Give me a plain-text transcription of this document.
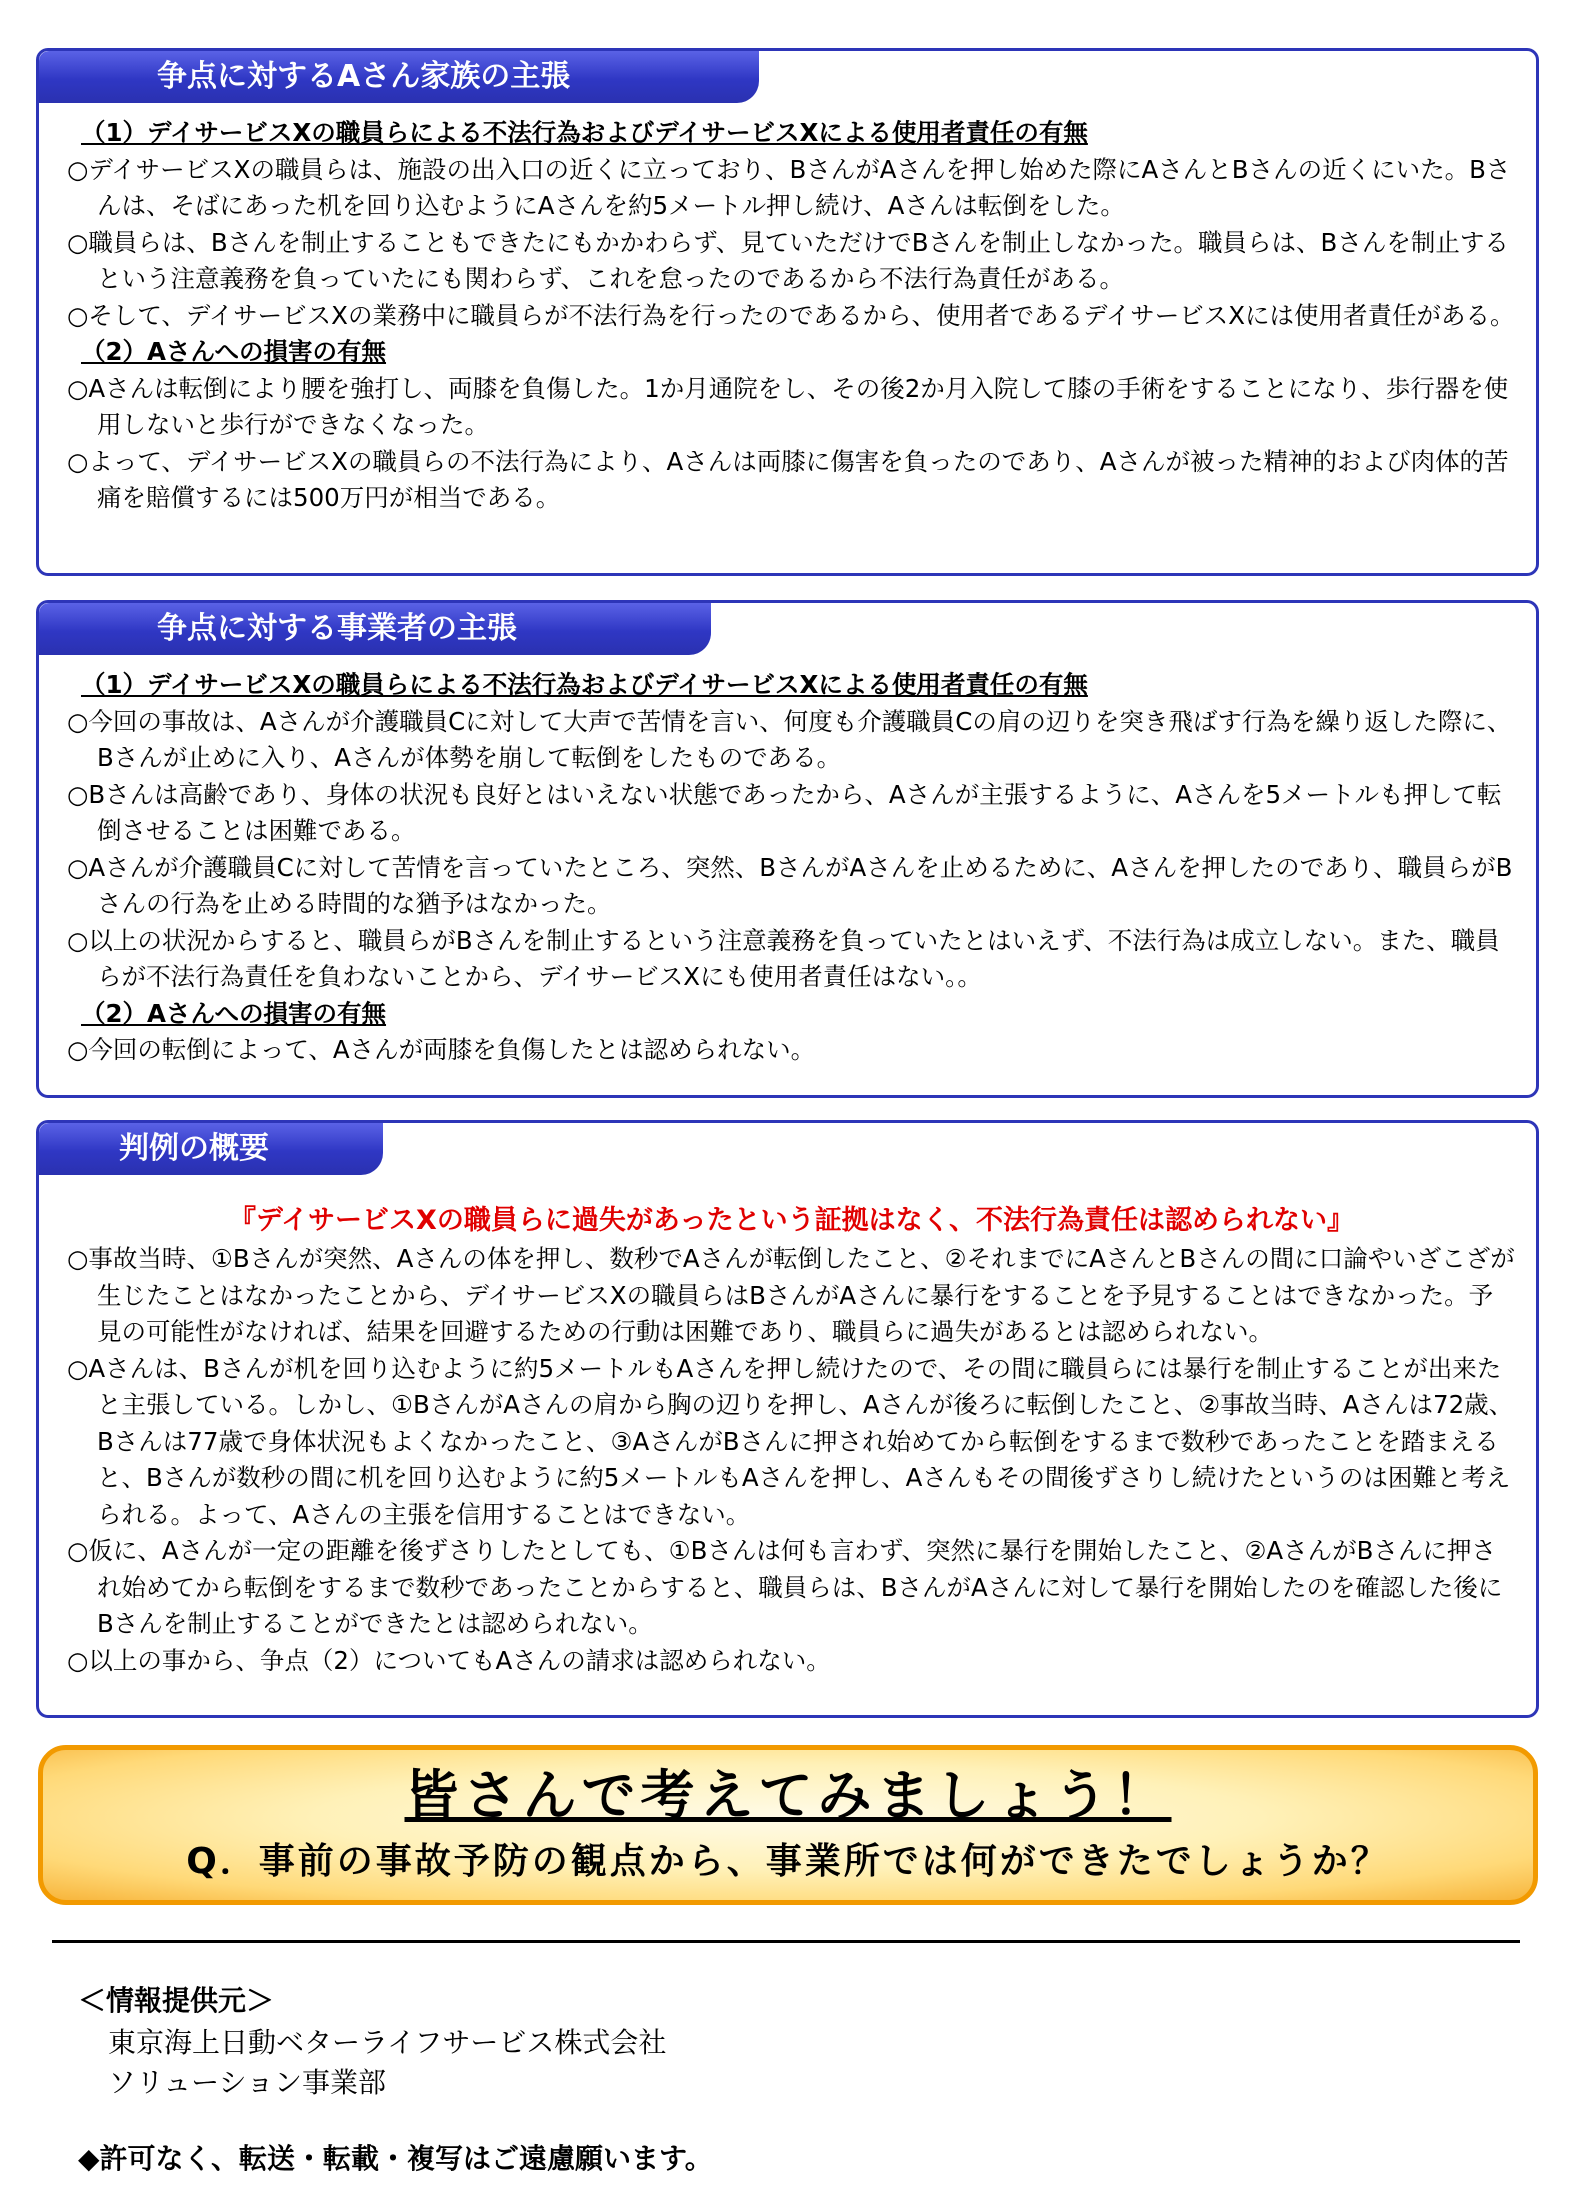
争点に対するAさん家族の主張

（1）デイサービスXの職員らによる不法行為およびデイサービスXによる使用者責任の有無

○デイサービスXの職員らは、施設の出入口の近くに立っており、BさんがAさんを押し始めた際にAさんとBさんの近くにいた。Bさんは、そばにあった机を回り込むようにAさんを約5メートル押し続け、Aさんは転倒をした。

○職員らは、Bさんを制止することもできたにもかかわらず、見ていただけでBさんを制止しなかった。職員らは、Bさんを制止するという注意義務を負っていたにも関わらず、これを怠ったのであるから不法行為責任がある。

○そして、デイサービスXの業務中に職員らが不法行為を行ったのであるから、使用者であるデイサービスXには使用者責任がある。

（2）Aさんへの損害の有無

○Aさんは転倒により腰を強打し、両膝を負傷した。1か月通院をし、その後2か月入院して膝の手術をすることになり、歩行器を使用しないと歩行ができなくなった。

○よって、デイサービスXの職員らの不法行為により、Aさんは両膝に傷害を負ったのであり、Aさんが被った精神的および肉体的苦痛を賠償するには500万円が相当である。

争点に対する事業者の主張

（1）デイサービスXの職員らによる不法行為およびデイサービスXによる使用者責任の有無

○今回の事故は、Aさんが介護職員Cに対して大声で苦情を言い、何度も介護職員Cの肩の辺りを突き飛ばす行為を繰り返した際に、Bさんが止めに入り、Aさんが体勢を崩して転倒をしたものである。

○Bさんは高齢であり、身体の状況も良好とはいえない状態であったから、Aさんが主張するように、Aさんを5メートルも押して転倒させることは困難である。

○Aさんが介護職員Cに対して苦情を言っていたところ、突然、BさんがAさんを止めるために、Aさんを押したのであり、職員らがBさんの行為を止める時間的な猶予はなかった。

○以上の状況からすると、職員らがBさんを制止するという注意義務を負っていたとはいえず、不法行為は成立しない。また、職員らが不法行為責任を負わないことから、デイサービスXにも使用者責任はない。。

（2）Aさんへの損害の有無

○今回の転倒によって、Aさんが両膝を負傷したとは認められない。

判例の概要

『デイサービスXの職員らに過失があったという証拠はなく、不法行為責任は認められない』

○事故当時、①Bさんが突然、Aさんの体を押し、数秒でAさんが転倒したこと、②それまでにAさんとBさんの間に口論やいざこざが生じたことはなかったことから、デイサービスXの職員らはBさんがAさんに暴行をすることを予見することはできなかった。予見の可能性がなければ、結果を回避するための行動は困難であり、職員らに過失があるとは認められない。

○Aさんは、Bさんが机を回り込むように約5メートルもAさんを押し続けたので、その間に職員らには暴行を制止することが出来たと主張している。しかし、①BさんがAさんの肩から胸の辺りを押し、Aさんが後ろに転倒したこと、②事故当時、Aさんは72歳、Bさんは77歳で身体状況もよくなかったこと、③AさんがBさんに押され始めてから転倒をするまで数秒であったことを踏まえると、Bさんが数秒の間に机を回り込むように約5メートルもAさんを押し、Aさんもその間後ずさりし続けたというのは困難と考えられる。よって、Aさんの主張を信用することはできない。

○仮に、Aさんが一定の距離を後ずさりしたとしても、①Bさんは何も言わず、突然に暴行を開始したこと、②AさんがBさんに押され始めてから転倒をするまで数秒であったことからすると、職員らは、BさんがAさんに対して暴行を開始したのを確認した後にBさんを制止することができたとは認められない。

○以上の事から、争点（2）についてもAさんの請求は認められない。

皆さんで考えてみましょう！
Q．事前の事故予防の観点から、事業所では何ができたでしょうか？
＜情報提供元＞
東京海上日動ベターライフサービス株式会社
ソリューション事業部
◆許可なく、転送・転載・複写はご遠慮願います。
